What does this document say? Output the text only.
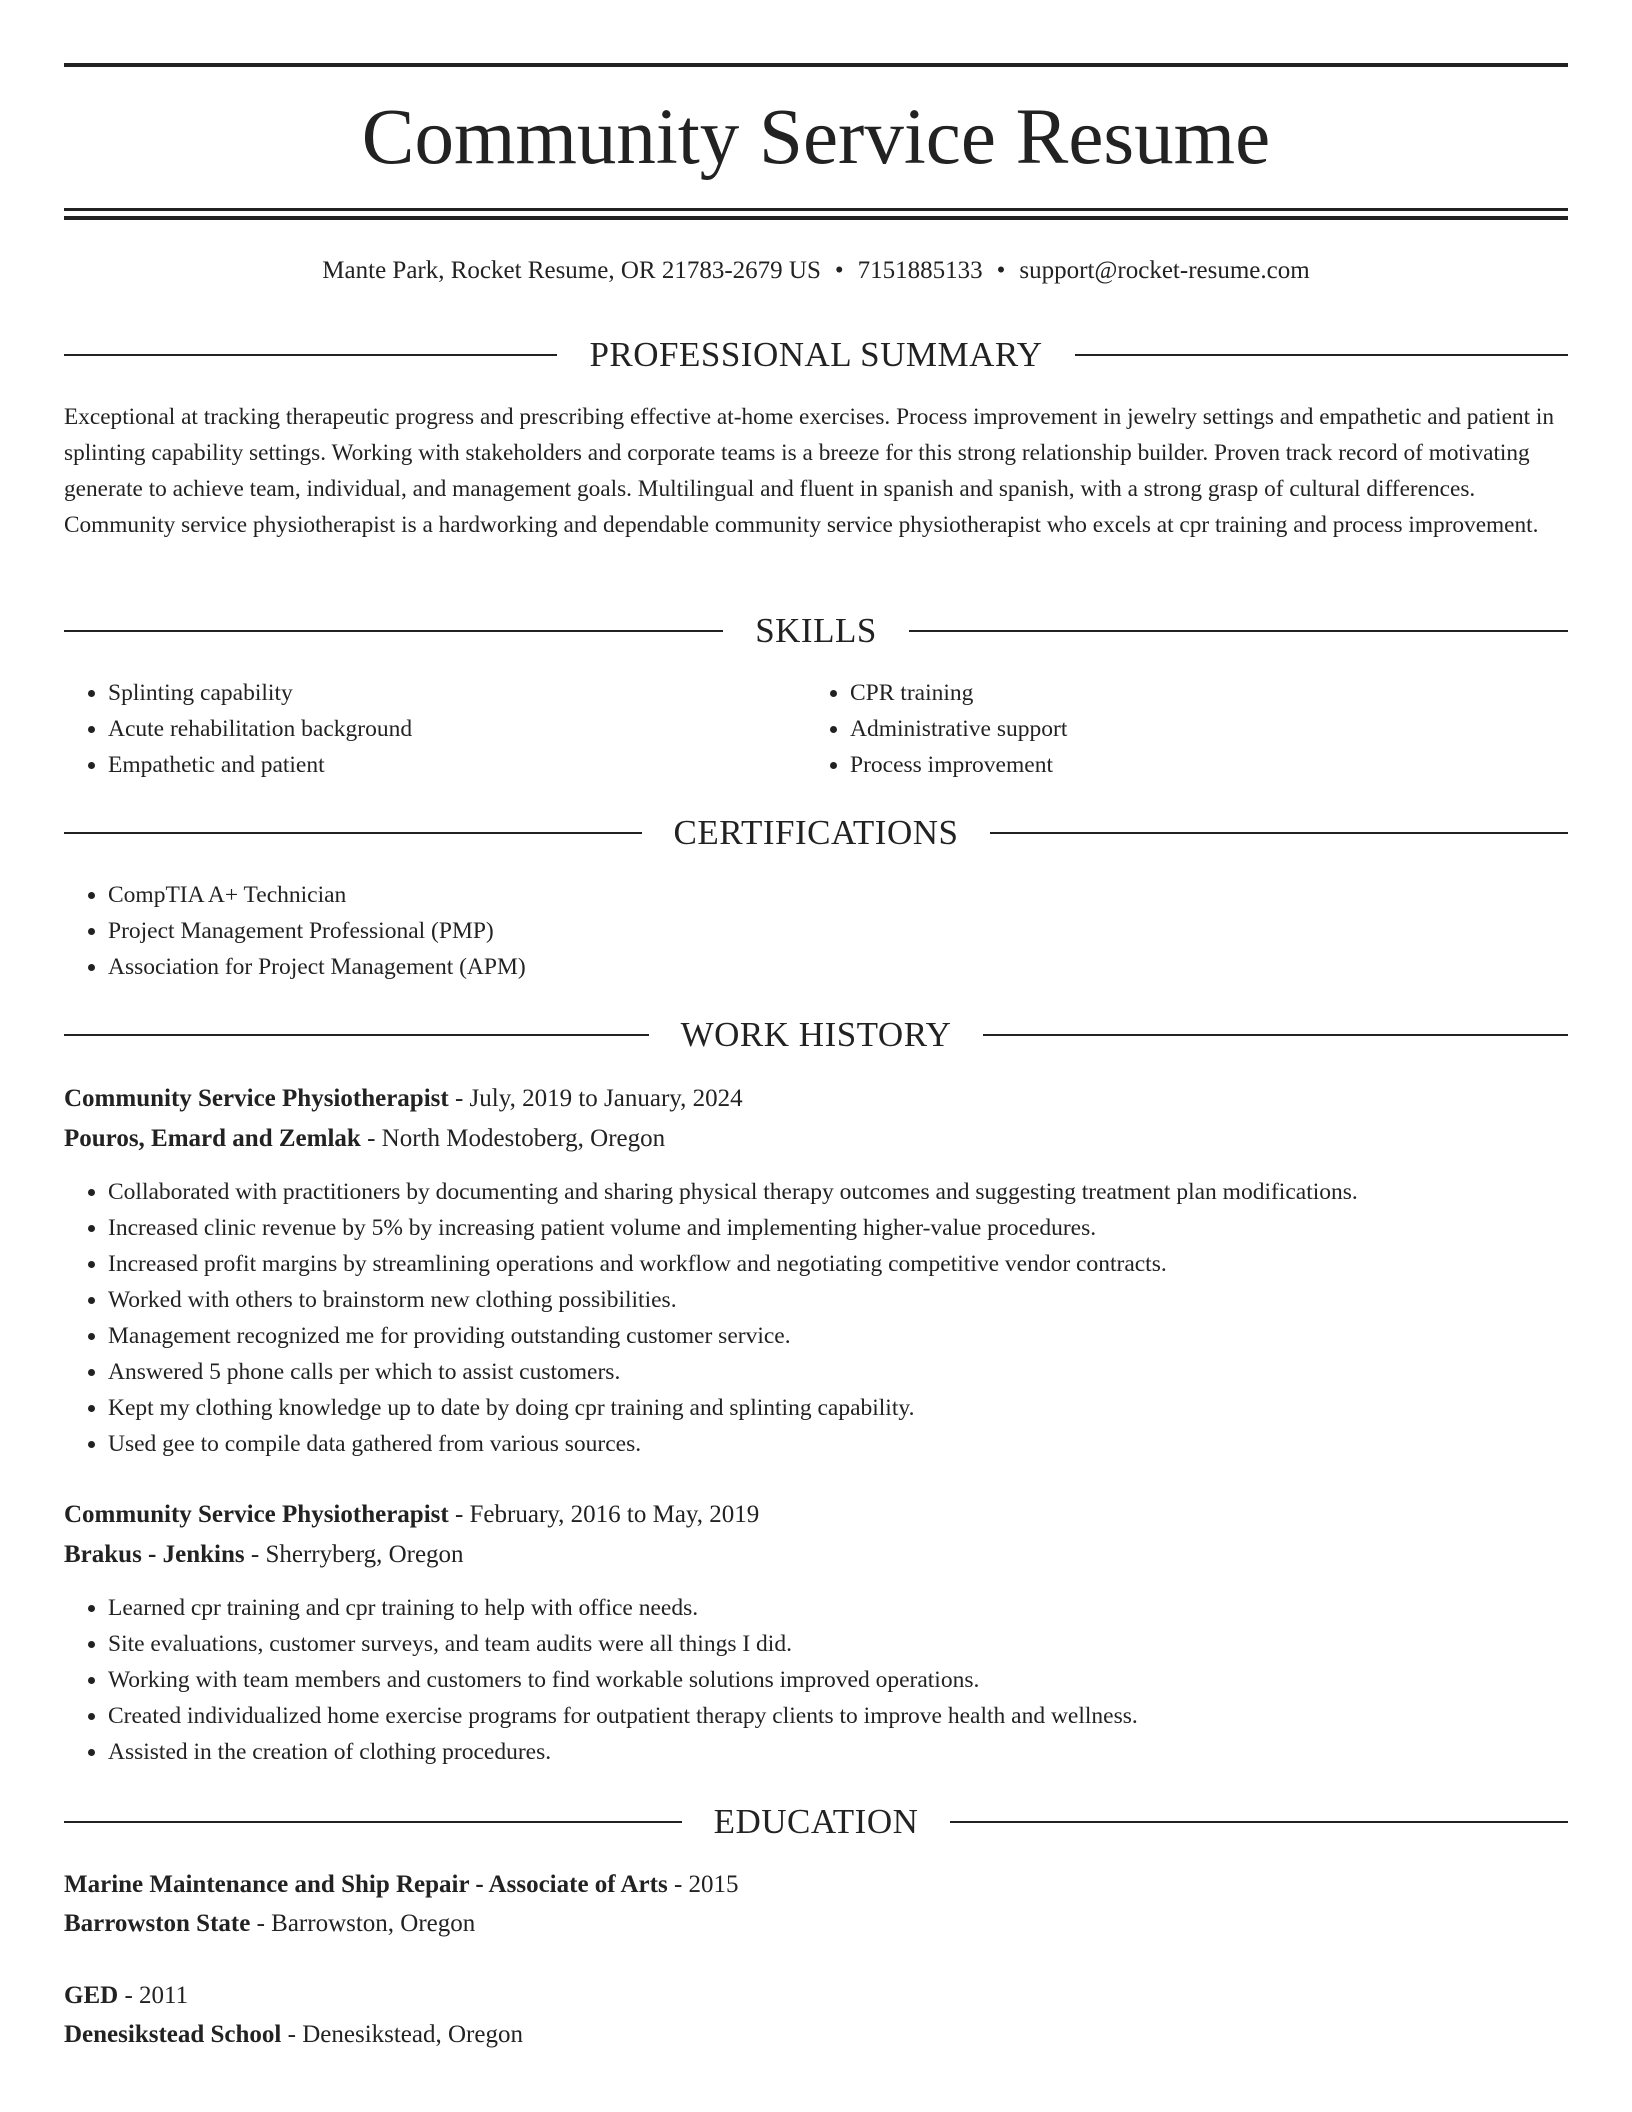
Community Service Resume
Mante Park, Rocket Resume, OR 21783-2679 US • 7151885133 • support@rocket-resume.com
PROFESSIONAL SUMMARY

Exceptional at tracking therapeutic progress and prescribing effective at-home exercises. Process improvement in jewelry settings and empathetic and patient in splinting capability settings. Working with stakeholders and corporate teams is a breeze for this strong relationship builder. Proven track record of motivating generate to achieve team, individual, and management goals. Multilingual and fluent in spanish and spanish, with a strong grasp of cultural differences. Community service physiotherapist is a hardworking and dependable community service physiotherapist who excels at cpr training and process improvement.

SKILLS
• Splinting capability
• Acute rehabilitation background
• Empathetic and patient
• CPR training
• Administrative support
• Process improvement
CERTIFICATIONS
• CompTIA A+ Technician
• Project Management Professional (PMP)
• Association for Project Management (APM)
WORK HISTORY
Community Service Physiotherapist - July, 2019 to January, 2024
Pouros, Emard and Zemlak - North Modestoberg, Oregon
• Collaborated with practitioners by documenting and sharing physical therapy outcomes and suggesting treatment plan modifications.
• Increased clinic revenue by 5% by increasing patient volume and implementing higher-value procedures.
• Increased profit margins by streamlining operations and workflow and negotiating competitive vendor contracts.
• Worked with others to brainstorm new clothing possibilities.
• Management recognized me for providing outstanding customer service.
• Answered 5 phone calls per which to assist customers.
• Kept my clothing knowledge up to date by doing cpr training and splinting capability.
• Used gee to compile data gathered from various sources.
Community Service Physiotherapist - February, 2016 to May, 2019
Brakus - Jenkins - Sherryberg, Oregon
• Learned cpr training and cpr training to help with office needs.
• Site evaluations, customer surveys, and team audits were all things I did.
• Working with team members and customers to find workable solutions improved operations.
• Created individualized home exercise programs for outpatient therapy clients to improve health and wellness.
• Assisted in the creation of clothing procedures.
EDUCATION
Marine Maintenance and Ship Repair - Associate of Arts - 2015
Barrowston State - Barrowston, Oregon
GED - 2011
Denesikstead School - Denesikstead, Oregon
